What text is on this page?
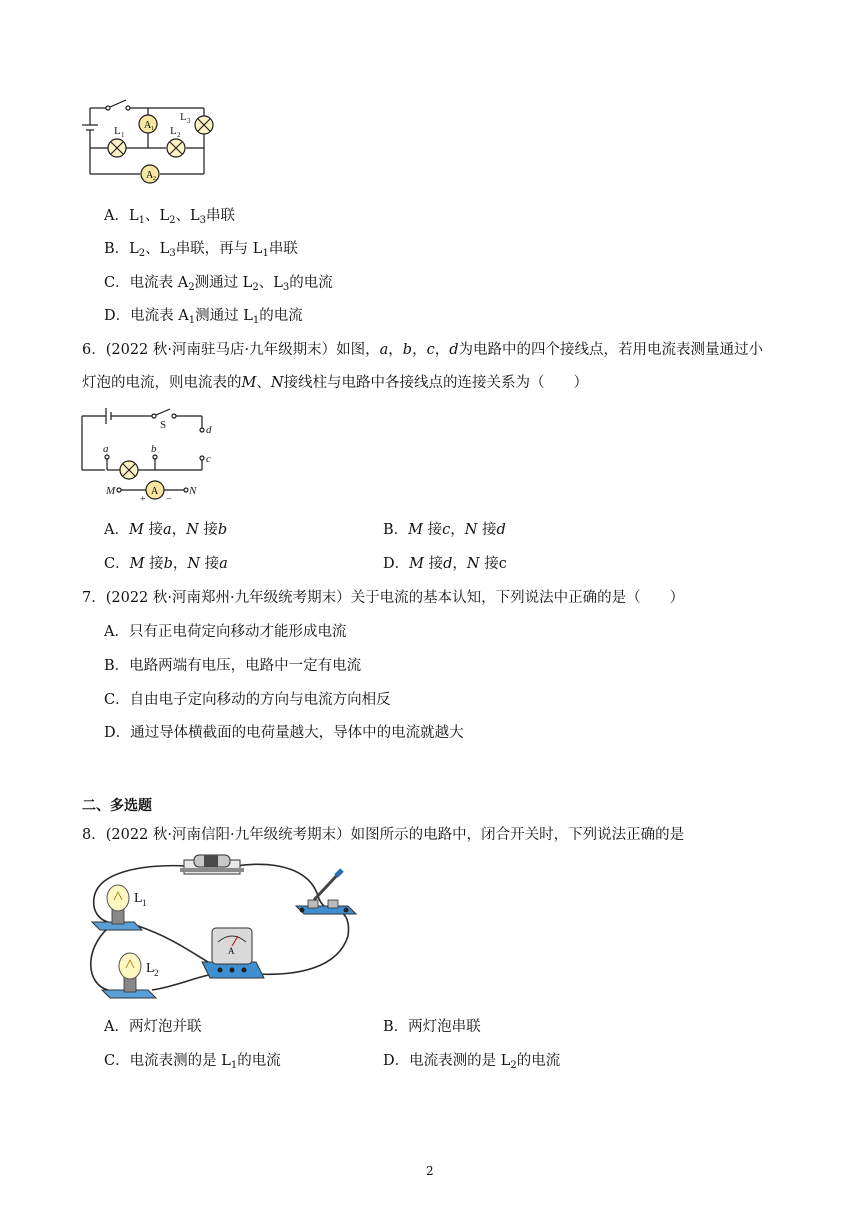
A 1
A 2
L 1	L 2
L 3
A．$L_1$、$L_2$、$L_3$串联
B．$L_2$、$L_3$串联，再与 $L_1$串联
C．电流表 $A_2$测通过 $L_2$、$L_3$的电流
D．电流表 $A_1$测通过 $L_1$的电流
6．(2022 秋·河南驻马店·九年级期末）如图，a，b，c，d为电路中的四个接线点，若用电流表测量通过小
灯泡的电流，则电流表的M、N接线柱与电路中各接线点的连接关系为（　　）
A
S	d
a	b
c
M	N
+ −
A．M 接a，N 接b	B．M 接c，N 接d
C．M 接b，N 接a	D．M 接d，N 接c
7．(2022 秋·河南郑州·九年级统考期末）关于电流的基本认知，下列说法中正确的是（　　）
A．只有正电荷定向移动才能形成电流
B．电路两端有电压，电路中一定有电流
C．自由电子定向移动的方向与电流方向相反
D．通过导体横截面的电荷量越大，导体中的电流就越大
二、多选题
8．(2022 秋·河南信阳·九年级统考期末）如图所示的电路中，闭合开关时，下列说法正确的是
L 1
L 2
A
A．两灯泡并联	B．两灯泡串联
C．电流表测的是 $L_1$的电流	D．电流表测的是 $L_2$的电流
2
